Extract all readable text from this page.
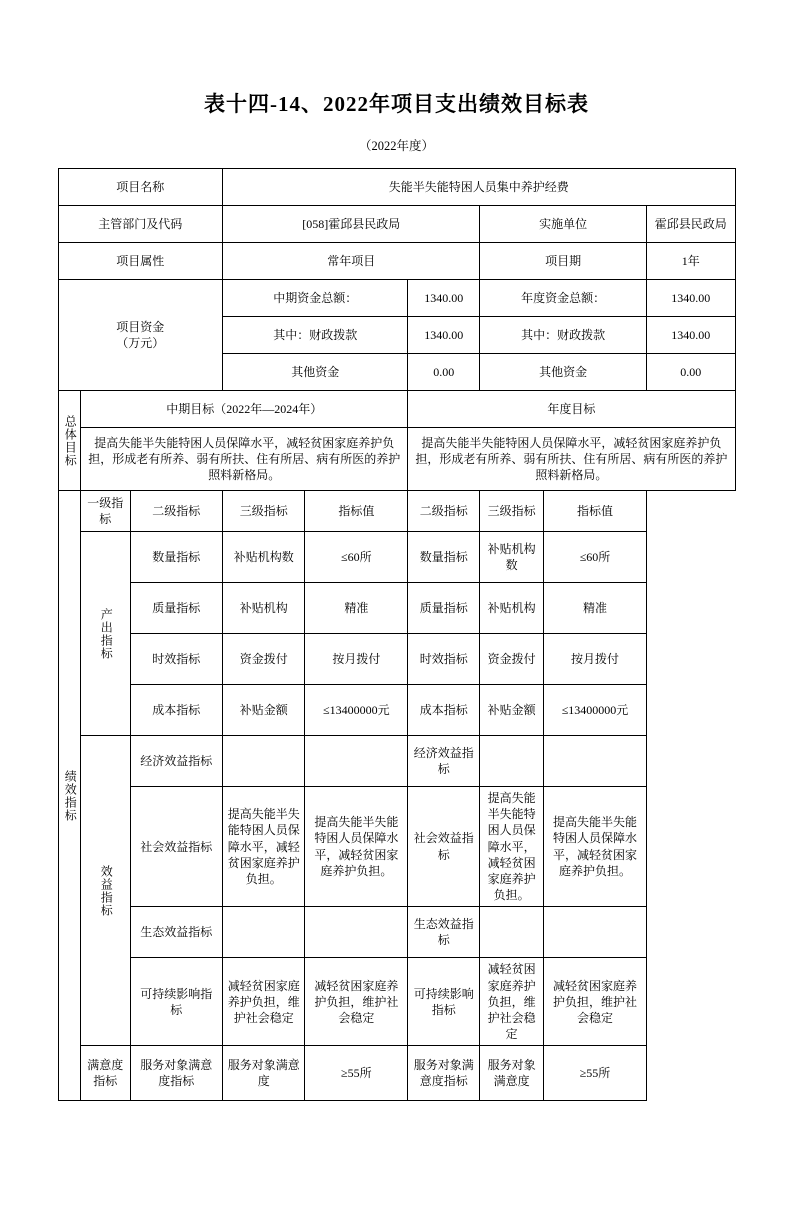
表十四-14、2022年项目支出绩效目标表
（2022年度）
项目名称			失能半失能特困人员集中养护经费					
主管部门及代码			[058]霍邱县民政局			实施单位		霍邱县民政局
项目属性			常年项目			项目期		1年

项目资金
（万元）			中期资金总额：		1340.00	年度资金总额：		1340.00
			其中：财政拨款		1340.00	其中：财政拨款		1340.00
			其他资金		0.00	其他资金		0.00

总体目标	中期目标（2022年—2024年）				年度目标			
	提高失能半失能特困人员保障水平，减轻贫困家庭养护负担，形成老有所养、弱有所扶、住有所居、病有所医的养护照料新格局。				提高失能半失能特困人员保障水平，减轻贫困家庭养护负担，形成老有所养、弱有所扶、住有所居、病有所医的养护照料新格局。			

绩效指标	一级指标	二级指标	三级指标	指标值	二级指标	三级指标	指标值	

	产出指标	数量指标	补贴机构数	≤60所	数量指标	补贴机构数	≤60所	
		质量指标	补贴机构	精准	质量指标	补贴机构	精准	
		时效指标	资金拨付	按月拨付	时效指标	资金拨付	按月拨付	
		成本指标	补贴金额	≤13400000元	成本指标	补贴金额	≤13400000元	

	效益指标	经济效益指标			经济效益指标			
		社会效益指标	提高失能半失能特困人员保障水平，减轻贫困家庭养护负担。	提高失能半失能特困人员保障水平，减轻贫困家庭养护负担。	社会效益指标	提高失能半失能特困人员保障水平，减轻贫困家庭养护负担。	提高失能半失能特困人员保障水平，减轻贫困家庭养护负担。	
		生态效益指标			生态效益指标			
		可持续影响指标	减轻贫困家庭养护负担，维护社会稳定	减轻贫困家庭养护负担，维护社会稳定	可持续影响指标	减轻贫困家庭养护负担，维护社会稳定	减轻贫困家庭养护负担，维护社会稳定	
	满意度指标	服务对象满意度指标	服务对象满意度	≥55所	服务对象满意度指标	服务对象满意度	≥55所	
